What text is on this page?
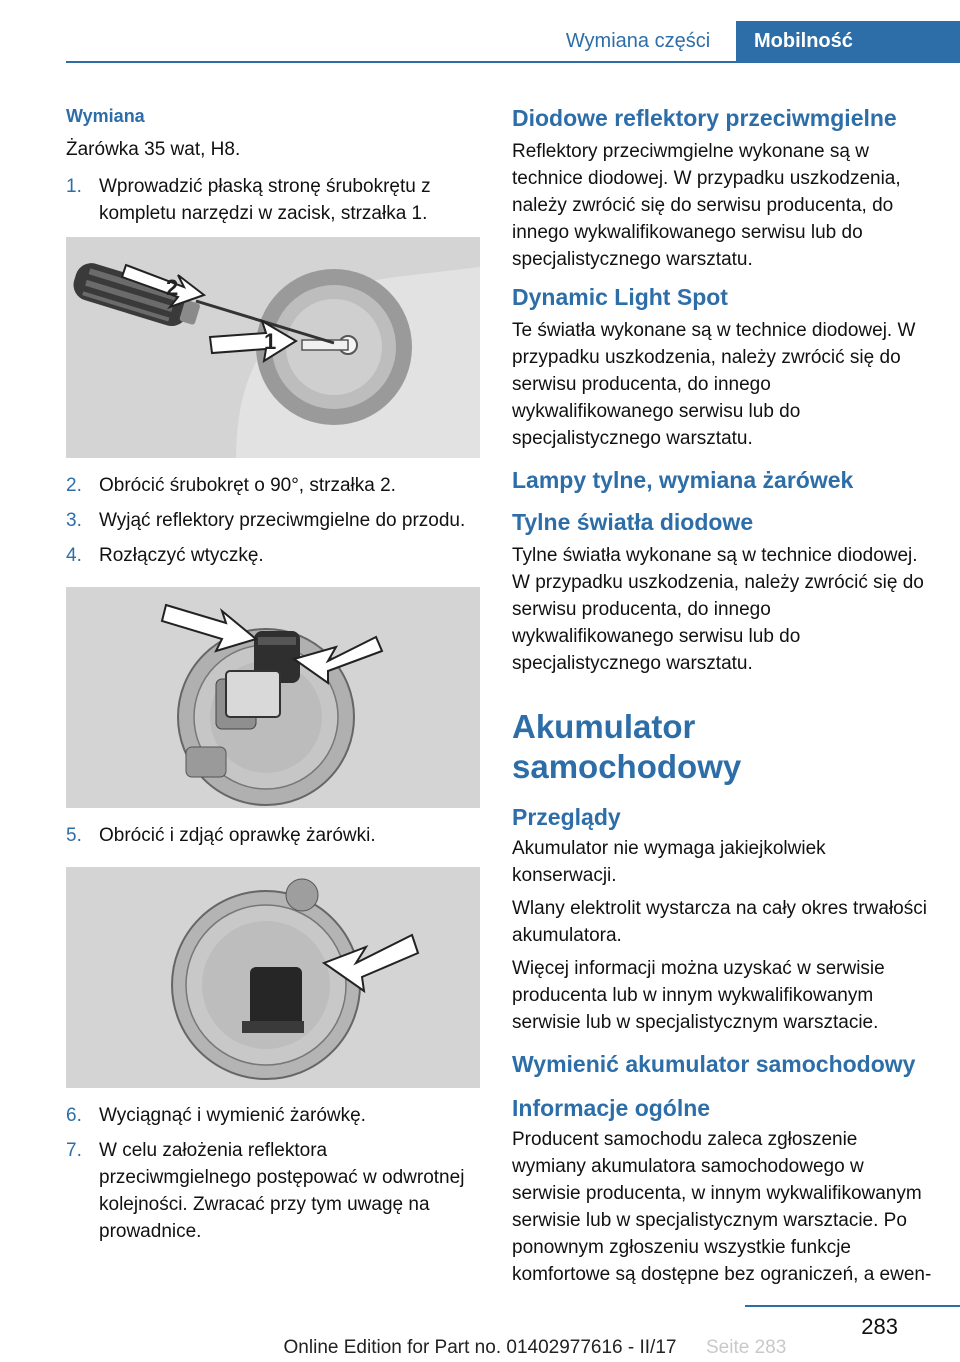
Wymiana części	Mobilność
Wymiana

Żarówka 35 wat, H8.

1. Wprowadzić płaską stronę śrubokrętu z kompletu narzędzi w zacisk, strzałka 1.
2
1
2. Obrócić śrubokręt o 90°, strzałka 2.
3. Wyjąć reflektory przeciwmgielne do przodu.
4. Rozłączyć wtyczkę.
5. Obrócić i zdjąć oprawkę żarówki.
6. Wyciągnąć i wymienić żarówkę.
7. W celu założenia reflektora przeciwmgielnego postępować w odwrotnej kolejności. Zwracać przy tym uwagę na prowadnice.
Diodowe reflektory przeciwmgielne

Reflektory przeciwmgielne wykonane są w technice diodowej. W przypadku uszkodzenia, należy zwrócić się do serwisu producenta, do innego wykwalifikowanego serwisu lub do specjalistycznego warsztatu.

Dynamic Light Spot

Te światła wykonane są w technice diodowej. W przypadku uszkodzenia, należy zwrócić się do serwisu producenta, do innego wykwalifikowanego serwisu lub do specjalistycznego warsztatu.

Lampy tylne, wymiana żarówek
Tylne światła diodowe

Tylne światła wykonane są w technice diodowej. W przypadku uszkodzenia, należy zwrócić się do serwisu producenta, do innego wykwalifikowanego serwisu lub do specjalistycznego warsztatu.

Akumulator samochodowy
Przeglądy

Akumulator nie wymaga jakiejkolwiek konserwacji.

Wlany elektrolit wystarcza na cały okres trwałości akumulatora.

Więcej informacji można uzyskać w serwisie producenta lub w innym wykwalifikowanym serwisie lub w specjalistycznym warsztacie.

Wymienić akumulator samochodowy
Informacje ogólne

Producent samochodu zaleca zgłoszenie wymiany akumulatora samochodowego w serwisie producenta, w innym wykwalifikowanym serwisie lub w specjalistycznym warsztacie. Po ponownym zgłoszeniu wszystkie funkcje komfortowe są dostępne bez ograniczeń, a ewen-

283
Online Edition for Part no. 01402977616 - II/17	Seite 283
